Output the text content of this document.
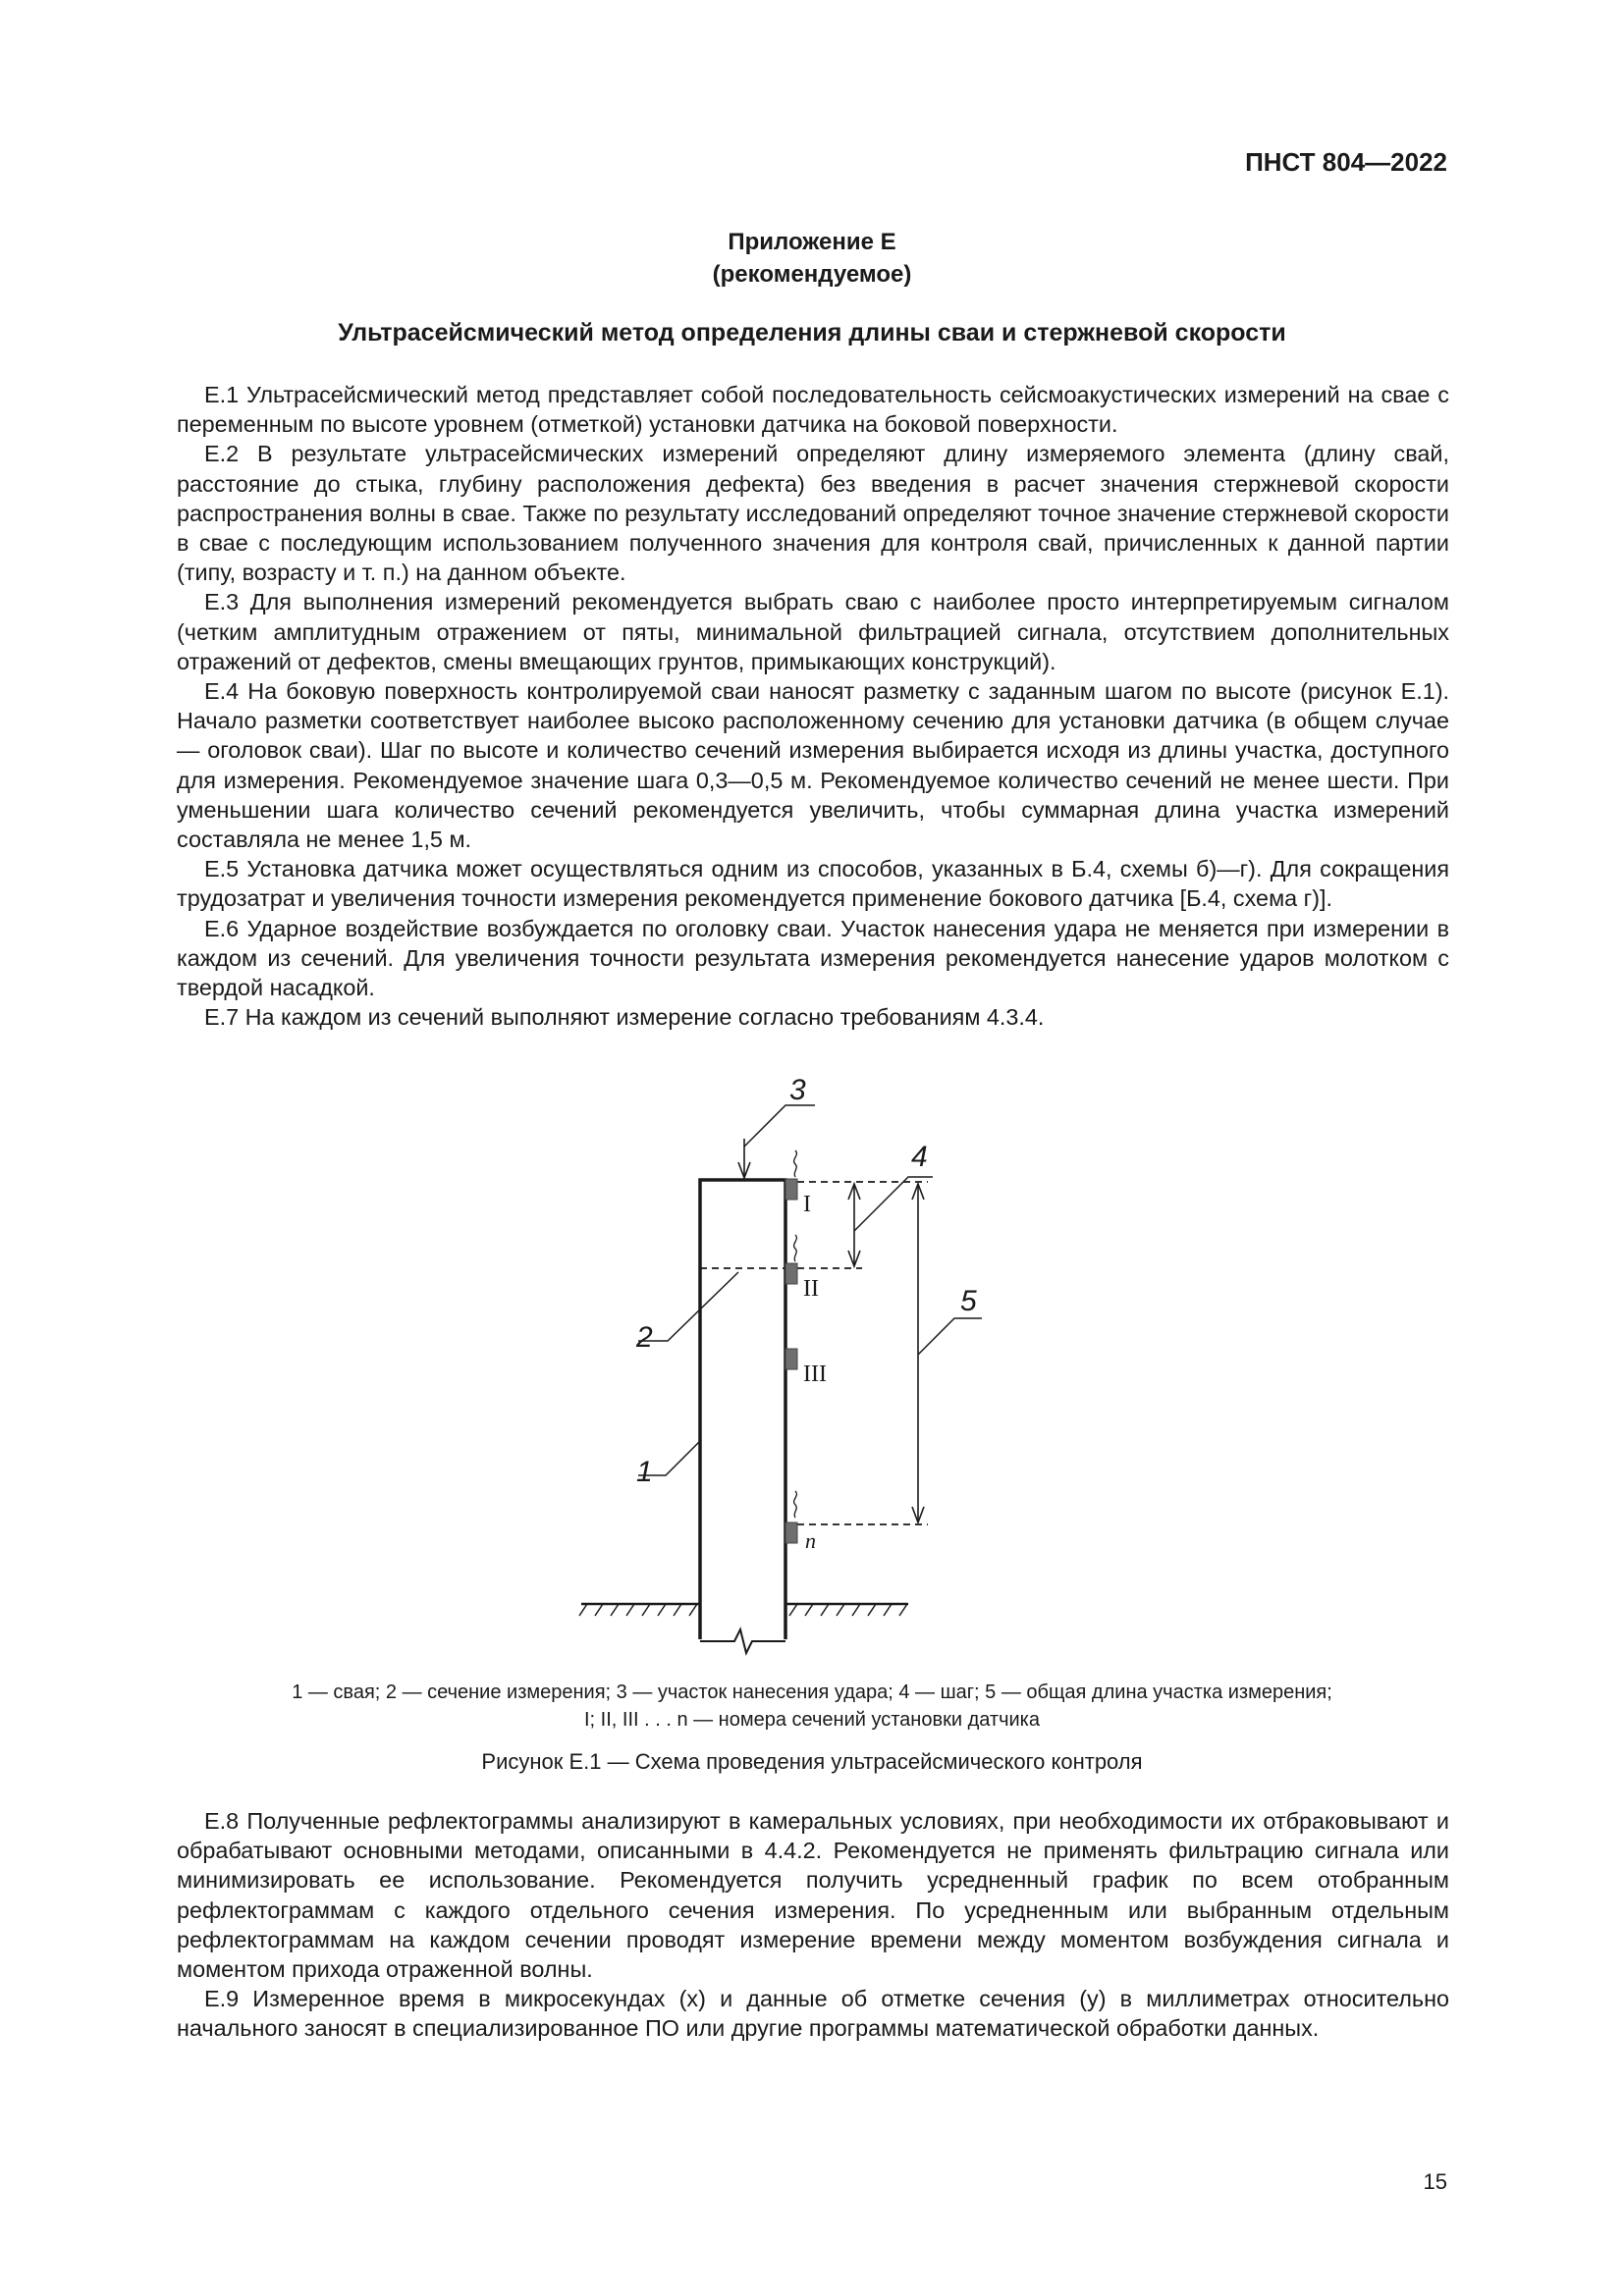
ПНСТ 804—2022
Приложение Е
(рекомендуемое)
Ультрасейсмический метод определения длины сваи и стержневой скорости

Е.1 Ультрасейсмический метод представляет собой последовательность сейсмоакустических измерений на свае с переменным по высоте уровнем (отметкой) установки датчика на боковой поверхности.

Е.2 В результате ультрасейсмических измерений определяют длину измеряемого элемента (длину свай, расстояние до стыка, глубину расположения дефекта) без введения в расчет значения стержневой скорости распространения волны в свае. Также по результату исследований определяют точное значение стержневой скорости в свае с последующим использованием полученного значения для контроля свай, причисленных к данной партии (типу, возрасту и т. п.) на данном объекте.

Е.3 Для выполнения измерений рекомендуется выбрать сваю с наиболее просто интерпретируемым сигналом (четким амплитудным отражением от пяты, минимальной фильтрацией сигнала, отсутствием дополнительных отражений от дефектов, смены вмещающих грунтов, примыкающих конструкций).

Е.4 На боковую поверхность контролируемой сваи наносят разметку с заданным шагом по высоте (рисунок Е.1). Начало разметки соответствует наиболее высоко расположенному сечению для установки датчика (в общем случае — оголовок сваи). Шаг по высоте и количество сечений измерения выбирается исходя из длины участка, доступного для измерения. Рекомендуемое значение шага 0,3—0,5 м. Рекомендуемое количество сечений не менее шести. При уменьшении шага количество сечений рекомендуется увеличить, чтобы суммарная длина участка измерений составляла не менее 1,5 м.

Е.5 Установка датчика может осуществляться одним из способов, указанных в Б.4, схемы б)—г). Для сокращения трудозатрат и увеличения точности измерения рекомендуется применение бокового датчика [Б.4, схема г)].

Е.6 Ударное воздействие возбуждается по оголовку сваи. Участок нанесения удара не меняется при измерении в каждом из сечений. Для увеличения точности результата измерения рекомендуется нанесение ударов молотком с твердой насадкой.

Е.7 На каждом из сечений выполняют измерение согласно требованиям 4.3.4.

I
II
III
n
3
4
5
2
1
1 — свая; 2 — сечение измерения; 3 — участок нанесения удара; 4 — шаг; 5 — общая длина участка измерения;
I; II, III . . . n — номера сечений установки датчика
Рисунок Е.1 — Схема проведения ультрасейсмического контроля

Е.8 Полученные рефлектограммы анализируют в камеральных условиях, при необходимости их отбраковывают и обрабатывают основными методами, описанными в 4.4.2. Рекомендуется не применять фильтрацию сигнала или минимизировать ее использование. Рекомендуется получить усредненный график по всем отобранным рефлектограммам с каждого отдельного сечения измерения. По усредненным или выбранным отдельным рефлектограммам на каждом сечении проводят измерение времени между моментом возбуждения сигнала и моментом прихода отраженной волны.

Е.9 Измеренное время в микросекундах (x) и данные об отметке сечения (y) в миллиметрах относительно начального заносят в специализированное ПО или другие программы математической обработки данных.

15
